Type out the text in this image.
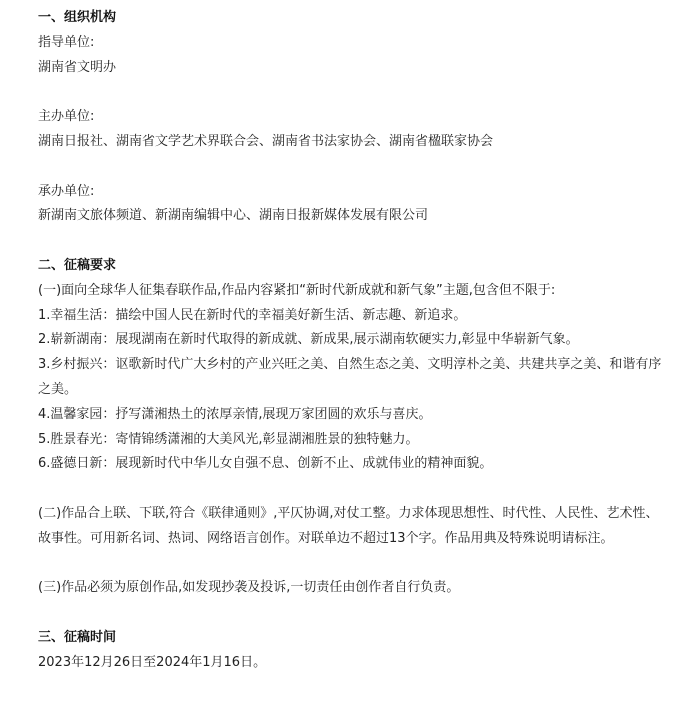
一、组织机构
指导单位:
湖南省文明办
主办单位:
湖南日报社、湖南省文学艺术界联合会、湖南省书法家协会、湖南省楹联家协会
承办单位:
新湖南文旅体频道、新湖南编辑中心、湖南日报新媒体发展有限公司
二、征稿要求
(一)面向全球华人征集春联作品,作品内容紧扣“新时代新成就和新气象”主题,包含但不限于:
1.幸福生活：描绘中国人民在新时代的幸福美好新生活、新志趣、新追求。
2.崭新湖南：展现湖南在新时代取得的新成就、新成果,展示湖南软硬实力,彰显中华崭新气象。
3.乡村振兴：讴歌新时代广大乡村的产业兴旺之美、自然生态之美、文明淳朴之美、共建共享之美、和谐有序之美。
4.温馨家园：抒写潇湘热土的浓厚亲情,展现万家团圆的欢乐与喜庆。
5.胜景春光：寄情锦绣潇湘的大美风光,彰显湖湘胜景的独特魅力。
6.盛德日新：展现新时代中华儿女自强不息、创新不止、成就伟业的精神面貌。
(二)作品合上联、下联,符合《联律通则》,平仄协调,对仗工整。力求体现思想性、时代性、人民性、艺术性、故事性。可用新名词、热词、网络语言创作。对联单边不超过13个字。作品用典及特殊说明请标注。
(三)作品必须为原创作品,如发现抄袭及投诉,一切责任由创作者自行负责。
三、征稿时间
2023年12月26日至2024年1月16日。
